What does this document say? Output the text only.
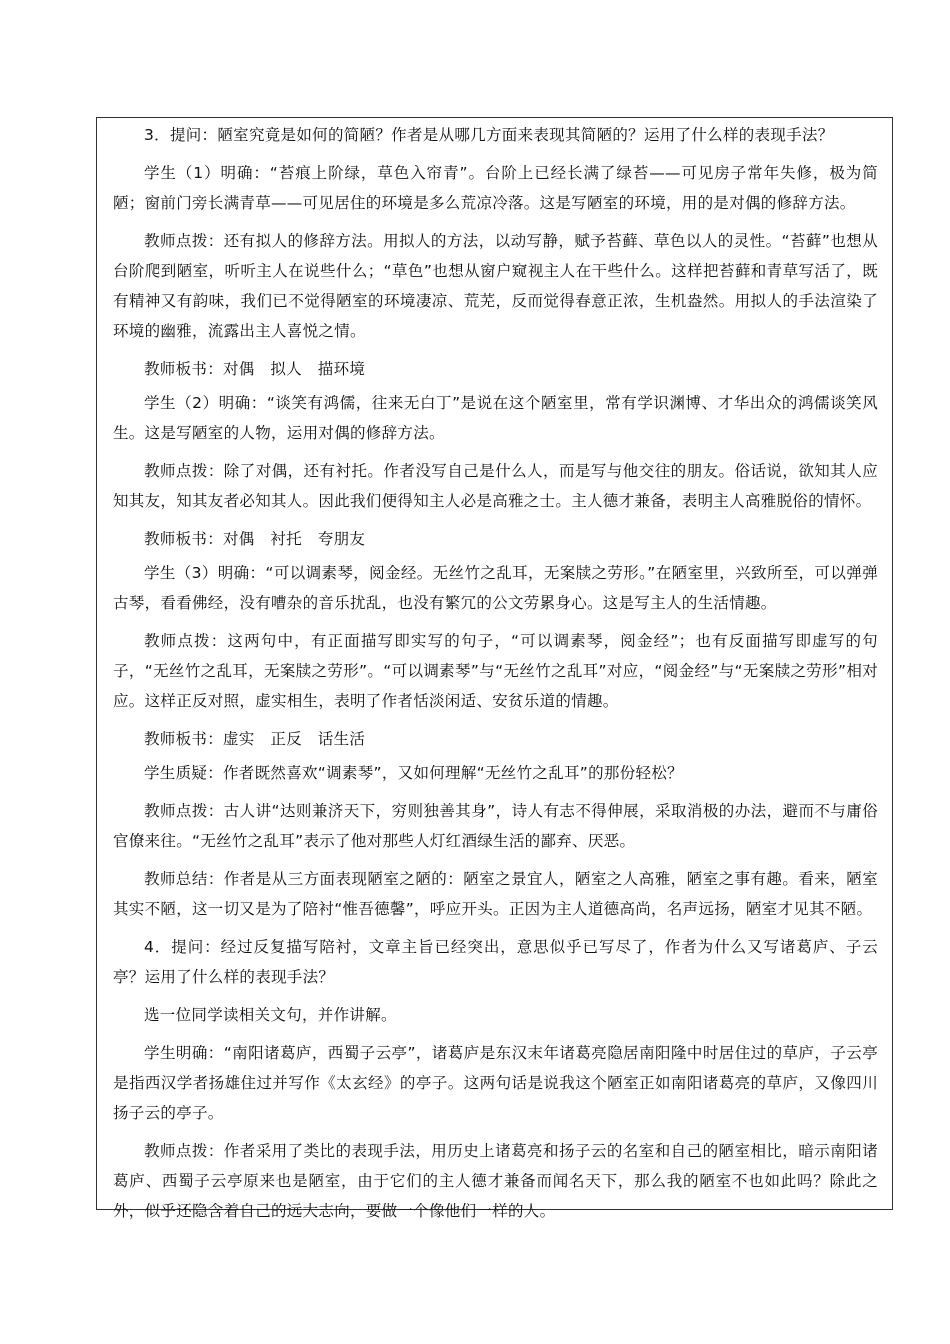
3．提问：陋室究竟是如何的简陋？作者是从哪几方面来表现其简陋的？运用了什么样的表现手法？

学生（1）明确：“苔痕上阶绿，草色入帘青”。台阶上已经长满了绿苔——可见房子常年失修，极为简陋；窗前门旁长满青草——可见居住的环境是多么荒凉冷落。这是写陋室的环境，用的是对偶的修辞方法。

教师点拨：还有拟人的修辞方法。用拟人的方法，以动写静，赋予苔藓、草色以人的灵性。“苔藓”也想从台阶爬到陋室，听听主人在说些什么；“草色”也想从窗户窥视主人在干些什么。这样把苔藓和青草写活了，既有精神又有韵味，我们已不觉得陋室的环境凄凉、荒芜，反而觉得春意正浓，生机盎然。用拟人的手法渲染了环境的幽雅，流露出主人喜悦之情。

教师板书：对偶　拟人　描环境

学生（2）明确：“谈笑有鸿儒，往来无白丁”是说在这个陋室里，常有学识渊博、才华出众的鸿儒谈笑风生。这是写陋室的人物，运用对偶的修辞方法。

教师点拨：除了对偶，还有衬托。作者没写自己是什么人，而是写与他交往的朋友。俗话说，欲知其人应知其友，知其友者必知其人。因此我们便得知主人必是高雅之士。主人德才兼备，表明主人高雅脱俗的情怀。

教师板书：对偶　衬托　夸朋友

学生（3）明确：“可以调素琴，阅金经。无丝竹之乱耳，无案牍之劳形。”在陋室里，兴致所至，可以弹弹古琴，看看佛经，没有嘈杂的音乐扰乱，也没有繁冗的公文劳累身心。这是写主人的生活情趣。

教师点拨：这两句中，有正面描写即实写的句子，“可以调素琴，阅金经”；也有反面描写即虚写的句子，“无丝竹之乱耳，无案牍之劳形”。“可以调素琴”与“无丝竹之乱耳”对应，“阅金经”与“无案牍之劳形”相对应。这样正反对照，虚实相生，表明了作者恬淡闲适、安贫乐道的情趣。

教师板书：虚实　正反　话生活

学生质疑：作者既然喜欢“调素琴”，又如何理解“无丝竹之乱耳”的那份轻松？

教师点拨：古人讲“达则兼济天下，穷则独善其身”，诗人有志不得伸展，采取消极的办法，避而不与庸俗官僚来往。“无丝竹之乱耳”表示了他对那些人灯红酒绿生活的鄙弃、厌恶。

教师总结：作者是从三方面表现陋室之陋的：陋室之景宜人，陋室之人高雅，陋室之事有趣。看来，陋室其实不陋，这一切又是为了陪衬“惟吾德馨”，呼应开头。正因为主人道德高尚，名声远扬，陋室才见其不陋。

4．提问：经过反复描写陪衬，文章主旨已经突出，意思似乎已写尽了，作者为什么又写诸葛庐、子云亭？运用了什么样的表现手法？

选一位同学读相关文句，并作讲解。

学生明确：“南阳诸葛庐，西蜀子云亭”，诸葛庐是东汉末年诸葛亮隐居南阳隆中时居住过的草庐，子云亭是指西汉学者扬雄住过并写作《太玄经》的亭子。这两句话是说我这个陋室正如南阳诸葛亮的草庐，又像四川扬子云的亭子。

教师点拨：作者采用了类比的表现手法，用历史上诸葛亮和扬子云的名室和自己的陋室相比，暗示南阳诸葛庐、西蜀子云亭原来也是陋室，由于它们的主人德才兼备而闻名天下，那么我的陋室不也如此吗？除此之外，似乎还隐含着自己的远大志向，要做一个像他们一样的人。
